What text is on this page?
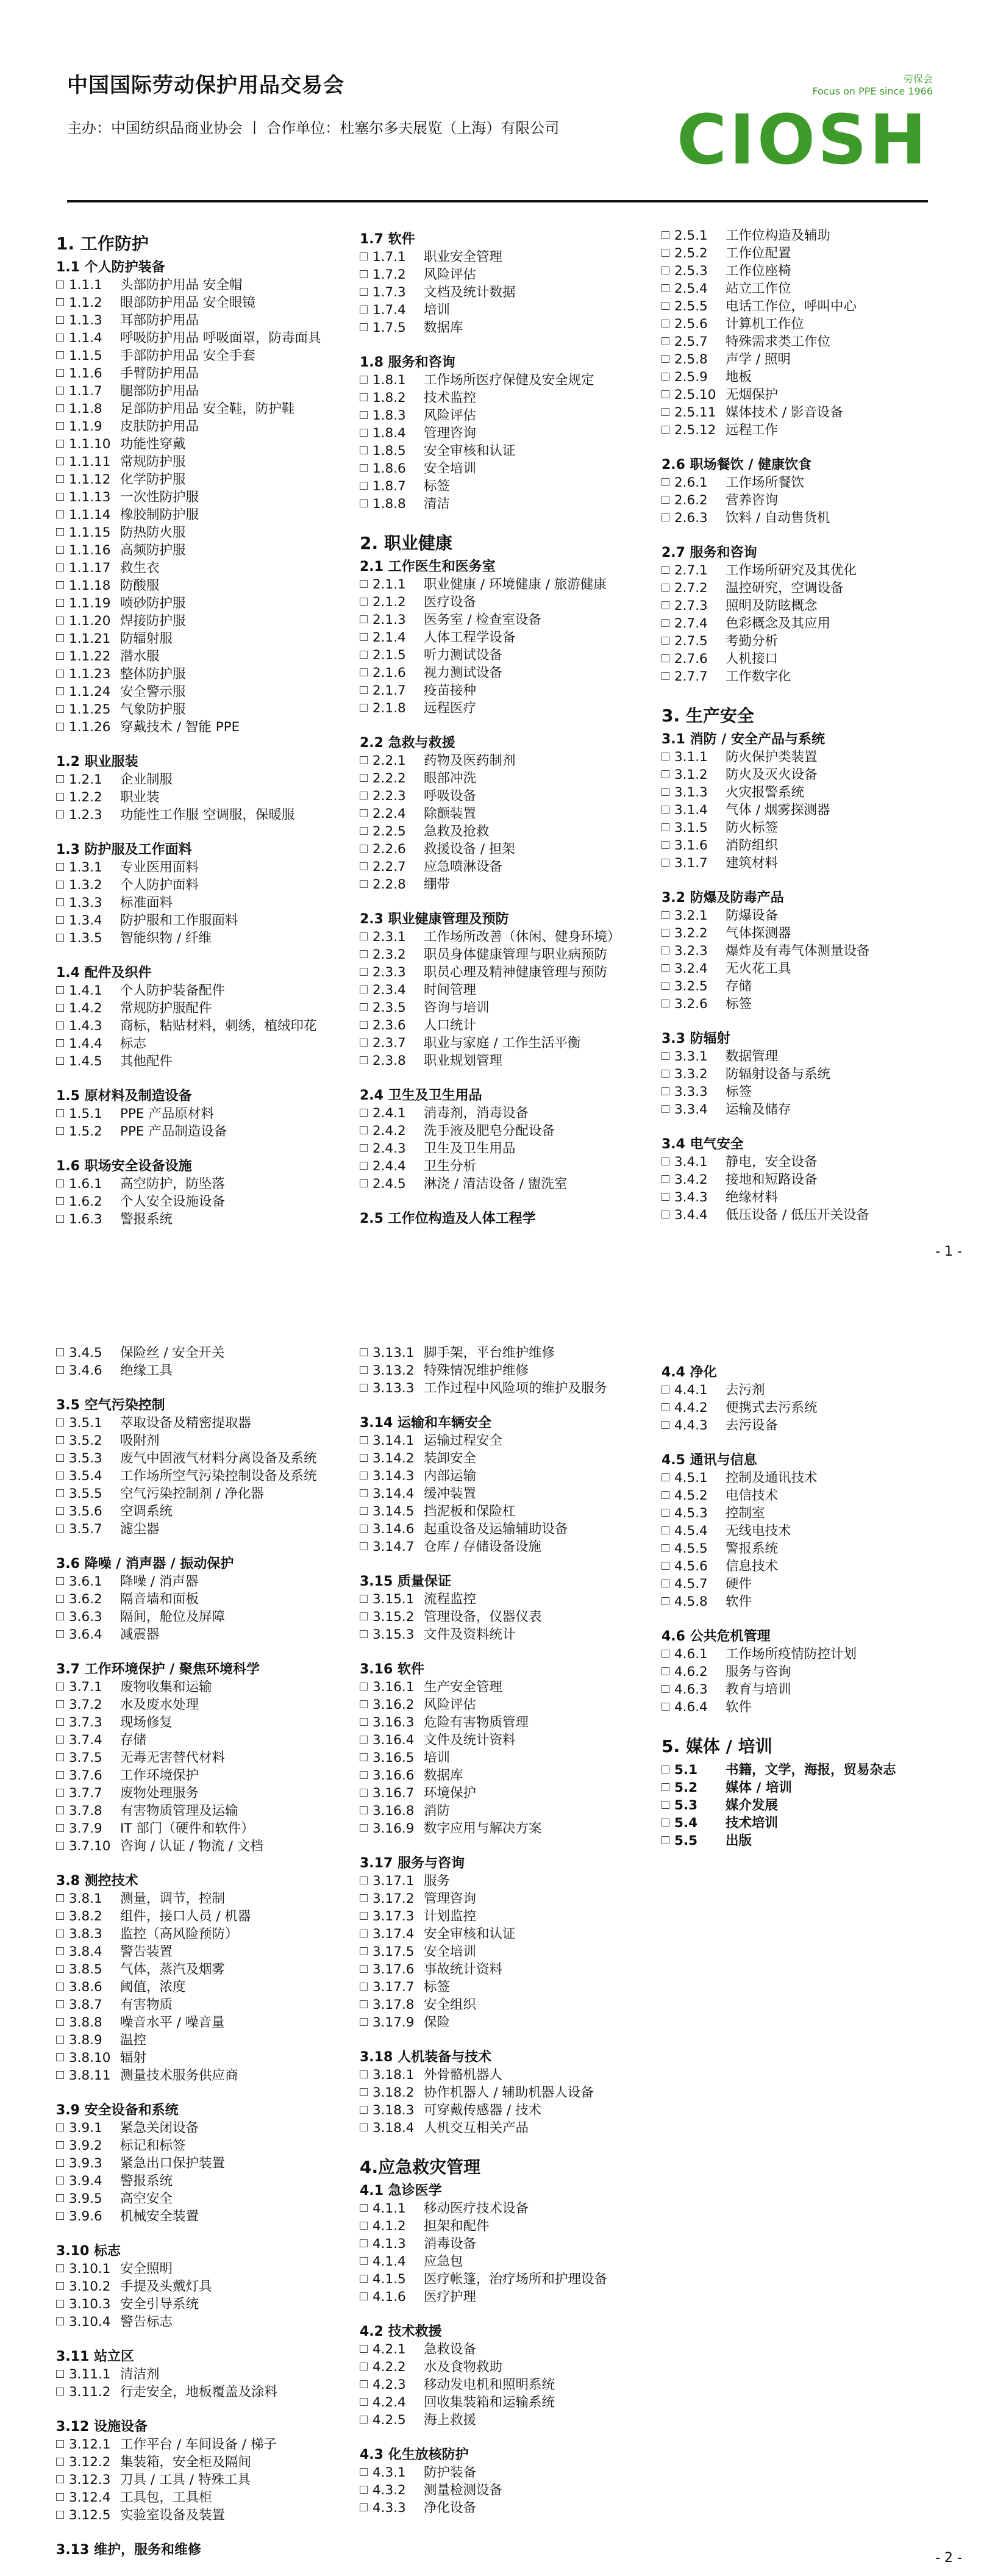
中国国际劳动保护用品交易会
主办：中国纺织品商业协会 丨 合作单位：杜塞尔多夫展览（上海）有限公司
劳保会
Focus on PPE since 1966
CIOSH
1. 工作防护
1.1 个人防护装备
1.1.1 头部防护用品 安全帽
1.1.2 眼部防护用品 安全眼镜
1.1.3 耳部防护用品
1.1.4 呼吸防护用品 呼吸面罩，防毒面具
1.1.5 手部防护用品 安全手套
1.1.6 手臂防护用品
1.1.7 腿部防护用品
1.1.8 足部防护用品 安全鞋，防护鞋
1.1.9 皮肤防护用品
1.1.10 功能性穿戴
1.1.11 常规防护服
1.1.12 化学防护服
1.1.13 一次性防护服
1.1.14 橡胶制防护服
1.1.15 防热防火服
1.1.16 高频防护服
1.1.17 救生衣
1.1.18 防酸服
1.1.19 喷砂防护服
1.1.20 焊接防护服
1.1.21 防辐射服
1.1.22 潜水服
1.1.23 整体防护服
1.1.24 安全警示服
1.1.25 气象防护服
1.1.26 穿戴技术 / 智能 PPE
1.2 职业服装
1.2.1 企业制服
1.2.2 职业装
1.2.3 功能性工作服 空调服，保暖服
1.3 防护服及工作面料
1.3.1 专业医用面料
1.3.2 个人防护面料
1.3.3 标准面料
1.3.4 防护服和工作服面料
1.3.5 智能织物 / 纤维
1.4 配件及织件
1.4.1 个人防护装备配件
1.4.2 常规防护服配件
1.4.3 商标，粘贴材料，刺绣，植绒印花
1.4.4 标志
1.4.5 其他配件
1.5 原材料及制造设备
1.5.1 PPE 产品原材料
1.5.2 PPE 产品制造设备
1.6 职场安全设备设施
1.6.1 高空防护，防坠落
1.6.2 个人安全设施设备
1.6.3 警报系统
1.7 软件
1.7.1 职业安全管理
1.7.2 风险评估
1.7.3 文档及统计数据
1.7.4 培训
1.7.5 数据库
1.8 服务和咨询
1.8.1 工作场所医疗保健及安全规定
1.8.2 技术监控
1.8.3 风险评估
1.8.4 管理咨询
1.8.5 安全审核和认证
1.8.6 安全培训
1.8.7 标签
1.8.8 清洁
2. 职业健康
2.1 工作医生和医务室
2.1.1 职业健康 / 环境健康 / 旅游健康
2.1.2 医疗设备
2.1.3 医务室 / 检查室设备
2.1.4 人体工程学设备
2.1.5 听力测试设备
2.1.6 视力测试设备
2.1.7 疫苗接种
2.1.8 远程医疗
2.2 急救与救援
2.2.1 药物及医药制剂
2.2.2 眼部冲洗
2.2.3 呼吸设备
2.2.4 除颤装置
2.2.5 急救及抢救
2.2.6 救援设备 / 担架
2.2.7 应急喷淋设备
2.2.8 绷带
2.3 职业健康管理及预防
2.3.1 工作场所改善（休闲、健身环境）
2.3.2 职员身体健康管理与职业病预防
2.3.3 职员心理及精神健康管理与预防
2.3.4 时间管理
2.3.5 咨询与培训
2.3.6 人口统计
2.3.7 职业与家庭 / 工作生活平衡
2.3.8 职业规划管理
2.4 卫生及卫生用品
2.4.1 消毒剂，消毒设备
2.4.2 洗手液及肥皂分配设备
2.4.3 卫生及卫生用品
2.4.4 卫生分析
2.4.5 淋浇 / 清洁设备 / 盥洗室
2.5 工作位构造及人体工程学
2.5.1 工作位构造及辅助
2.5.2 工作位配置
2.5.3 工作位座椅
2.5.4 站立工作位
2.5.5 电话工作位，呼叫中心
2.5.6 计算机工作位
2.5.7 特殊需求类工作位
2.5.8 声学 / 照明
2.5.9 地板
2.5.10 无烟保护
2.5.11 媒体技术 / 影音设备
2.5.12 远程工作
2.6 职场餐饮 / 健康饮食
2.6.1 工作场所餐饮
2.6.2 营养咨询
2.6.3 饮料 / 自动售货机
2.7 服务和咨询
2.7.1 工作场所研究及其优化
2.7.2 温控研究，空调设备
2.7.3 照明及防眩概念
2.7.4 色彩概念及其应用
2.7.5 考勤分析
2.7.6 人机接口
2.7.7 工作数字化
3. 生产安全
3.1 消防 / 安全产品与系统
3.1.1 防火保护类装置
3.1.2 防火及灭火设备
3.1.3 火灾报警系统
3.1.4 气体 / 烟雾探测器
3.1.5 防火标签
3.1.6 消防组织
3.1.7 建筑材料
3.2 防爆及防毒产品
3.2.1 防爆设备
3.2.2 气体探测器
3.2.3 爆炸及有毒气体测量设备
3.2.4 无火花工具
3.2.5 存储
3.2.6 标签
3.3 防辐射
3.3.1 数据管理
3.3.2 防辐射设备与系统
3.3.3 标签
3.3.4 运输及储存
3.4 电气安全
3.4.1 静电，安全设备
3.4.2 接地和短路设备
3.4.3 绝缘材料
3.4.4 低压设备 / 低压开关设备
- 1 -
3.4.5 保险丝 / 安全开关
3.4.6 绝缘工具
3.5 空气污染控制
3.5.1 萃取设备及精密提取器
3.5.2 吸附剂
3.5.3 废气中固液气材料分离设备及系统
3.5.4 工作场所空气污染控制设备及系统
3.5.5 空气污染控制剂 / 净化器
3.5.6 空调系统
3.5.7 滤尘器
3.6 降噪 / 消声器 / 振动保护
3.6.1 降噪 / 消声器
3.6.2 隔音墙和面板
3.6.3 隔间，舱位及屏障
3.6.4 减震器
3.7 工作环境保护 / 聚焦环境科学
3.7.1 废物收集和运输
3.7.2 水及废水处理
3.7.3 现场修复
3.7.4 存储
3.7.5 无毒无害替代材料
3.7.6 工作环境保护
3.7.7 废物处理服务
3.7.8 有害物质管理及运输
3.7.9 IT 部门（硬件和软件）
3.7.10 咨询 / 认证 / 物流 / 文档
3.8 测控技术
3.8.1 测量，调节，控制
3.8.2 组件，接口人员 / 机器
3.8.3 监控（高风险预防）
3.8.4 警告装置
3.8.5 气体，蒸汽及烟雾
3.8.6 阈值，浓度
3.8.7 有害物质
3.8.8 噪音水平 / 噪音量
3.8.9 温控
3.8.10 辐射
3.8.11 测量技术服务供应商
3.9 安全设备和系统
3.9.1 紧急关闭设备
3.9.2 标记和标签
3.9.3 紧急出口保护装置
3.9.4 警报系统
3.9.5 高空安全
3.9.6 机械安全装置
3.10 标志
3.10.1 安全照明
3.10.2 手提及头戴灯具
3.10.3 安全引导系统
3.10.4 警告标志
3.11 站立区
3.11.1 清洁剂
3.11.2 行走安全，地板覆盖及涂料
3.12 设施设备
3.12.1 工作平台 / 车间设备 / 梯子
3.12.2 集装箱，安全柜及隔间
3.12.3 刀具 / 工具 / 特殊工具
3.12.4 工具包，工具柜
3.12.5 实验室设备及装置
3.13 维护，服务和维修
3.13.1 脚手架，平台维护维修
3.13.2 特殊情况维护维修
3.13.3 工作过程中风险项的维护及服务
3.14 运输和车辆安全
3.14.1 运输过程安全
3.14.2 装卸安全
3.14.3 内部运输
3.14.4 缓冲装置
3.14.5 挡泥板和保险杠
3.14.6 起重设备及运输辅助设备
3.14.7 仓库 / 存储设备设施
3.15 质量保证
3.15.1 流程监控
3.15.2 管理设备，仪器仪表
3.15.3 文件及资料统计
3.16 软件
3.16.1 生产安全管理
3.16.2 风险评估
3.16.3 危险有害物质管理
3.16.4 文件及统计资料
3.16.5 培训
3.16.6 数据库
3.16.7 环境保护
3.16.8 消防
3.16.9 数字应用与解决方案
3.17 服务与咨询
3.17.1 服务
3.17.2 管理咨询
3.17.3 计划监控
3.17.4 安全审核和认证
3.17.5 安全培训
3.17.6 事故统计资料
3.17.7 标签
3.17.8 安全组织
3.17.9 保险
3.18 人机装备与技术
3.18.1 外骨骼机器人
3.18.2 协作机器人 / 辅助机器人设备
3.18.3 可穿戴传感器 / 技术
3.18.4 人机交互相关产品
4.应急救灾管理
4.1 急诊医学
4.1.1 移动医疗技术设备
4.1.2 担架和配件
4.1.3 消毒设备
4.1.4 应急包
4.1.5 医疗帐篷，治疗场所和护理设备
4.1.6 医疗护理
4.2 技术救援
4.2.1 急救设备
4.2.2 水及食物救助
4.2.3 移动发电机和照明系统
4.2.4 回收集装箱和运输系统
4.2.5 海上救援
4.3 化生放核防护
4.3.1 防护装备
4.3.2 测量检测设备
4.3.3 净化设备
4.4 净化
4.4.1 去污剂
4.4.2 便携式去污系统
4.4.3 去污设备
4.5 通讯与信息
4.5.1 控制及通讯技术
4.5.2 电信技术
4.5.3 控制室
4.5.4 无线电技术
4.5.5 警报系统
4.5.6 信息技术
4.5.7 硬件
4.5.8 软件
4.6 公共危机管理
4.6.1 工作场所疫情防控计划
4.6.2 服务与咨询
4.6.3 教育与培训
4.6.4 软件
5. 媒体 / 培训
5.1 书籍，文学，海报，贸易杂志
5.2 媒体 / 培训
5.3 媒介发展
5.4 技术培训
5.5 出版
- 2 -
